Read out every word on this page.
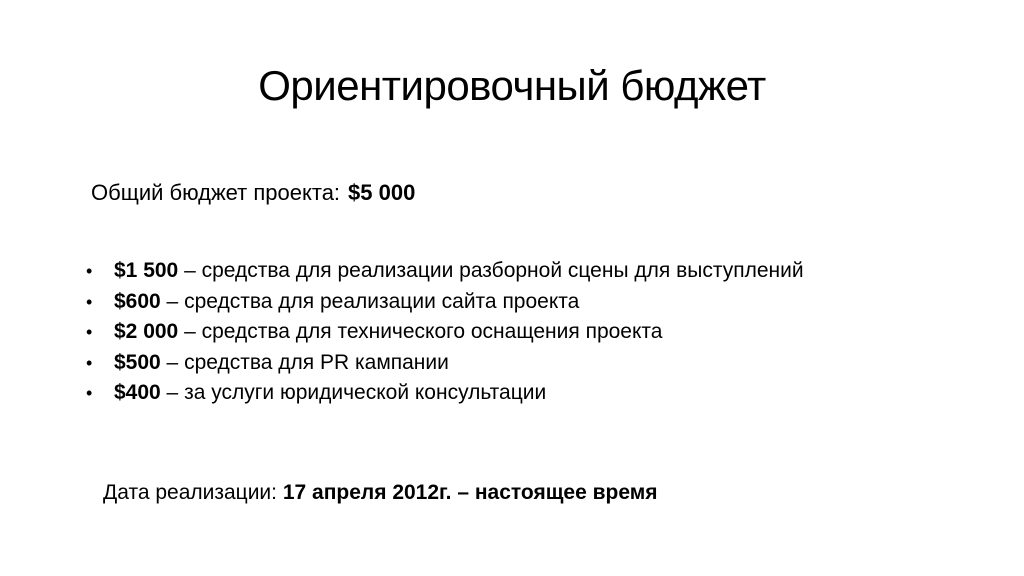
Ориентировочный бюджет
Общий бюджет проекта: $5 000
•	$1 500 – средства для реализации разборной сцены для выступлений
•	$600 – средства для реализации сайта проекта
•	$2 000 – средства для технического оснащения проекта
•	$500 – средства для PR кампании
•	$400 – за услуги юридической консультации
Дата реализации: 17 апреля 2012г. – настоящее время
